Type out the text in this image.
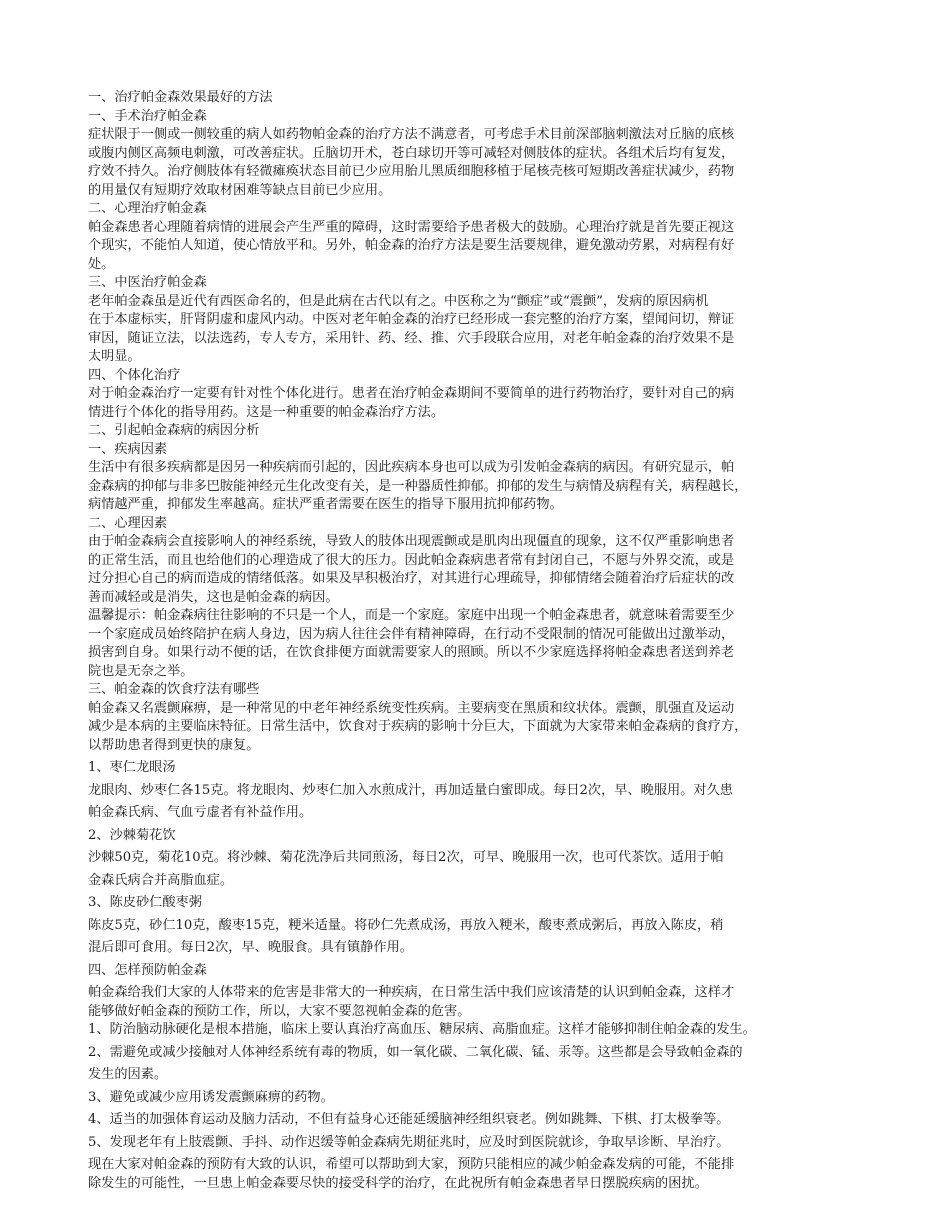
一、治疗帕金森效果最好的方法
一、手术治疗帕金森
症状限于一侧或一侧较重的病人如药物帕金森的治疗方法不满意者，可考虑手术目前深部脑刺激法对丘脑的底核
或腹内侧区高频电刺激，可改善症状。丘脑切开术，苍白球切开等可减轻对侧肢体的症状。各组术后均有复发，
疗效不持久。治疗侧肢体有轻微瘫痪状态目前已少应用胎儿黑质细胞移植于尾核壳核可短期改善症状减少，药物
的用量仅有短期疗效取材困难等缺点目前已少应用。
二、心理治疗帕金森
帕金森患者心理随着病情的进展会产生严重的障碍，这时需要给予患者极大的鼓励。心理治疗就是首先要正视这
个现实，不能怕人知道，使心情放平和。另外，帕金森的治疗方法是要生活要规律，避免激动劳累，对病程有好
处。
三、中医治疗帕金森
老年帕金森虽是近代有西医命名的，但是此病在古代以有之。中医称之为“颤症”或“震颤”，发病的原因病机
在于本虚标实，肝肾阴虚和虚风内动。中医对老年帕金森的治疗已经形成一套完整的治疗方案，望闻问切，辩证
审因，随证立法，以法选药，专人专方，采用针、药、经、推、穴手段联合应用，对老年帕金森的治疗效果不是
太明显。
四、个体化治疗
对于帕金森治疗一定要有针对性个体化进行。患者在治疗帕金森期间不要简单的进行药物治疗，要针对自己的病
情进行个体化的指导用药。这是一种重要的帕金森治疗方法。
二、引起帕金森病的病因分析
一、疾病因素
生活中有很多疾病都是因另一种疾病而引起的，因此疾病本身也可以成为引发帕金森病的病因。有研究显示，帕
金森病的抑郁与非多巴胺能神经元生化改变有关，是一种器质性抑郁。抑郁的发生与病情及病程有关，病程越长，
病情越严重，抑郁发生率越高。症状严重者需要在医生的指导下服用抗抑郁药物。
二、心理因素
由于帕金森病会直接影响人的神经系统，导致人的肢体出现震颤或是肌肉出现僵直的现象，这不仅严重影响患者
的正常生活，而且也给他们的心理造成了很大的压力。因此帕金森病患者常有封闭自己，不愿与外界交流，或是
过分担心自己的病而造成的情绪低落。如果及早积极治疗，对其进行心理疏导，抑郁情绪会随着治疗后症状的改
善而减轻或是消失，这也是帕金森的病因。
温馨提示：帕金森病往往影响的不只是一个人，而是一个家庭。家庭中出现一个帕金森患者，就意味着需要至少
一个家庭成员始终陪护在病人身边，因为病人往往会伴有精神障碍，在行动不受限制的情况可能做出过激举动，
损害到自身。如果行动不便的话，在饮食排便方面就需要家人的照顾。所以不少家庭选择将帕金森患者送到养老
院也是无奈之举。
三、帕金森的饮食疗法有哪些
帕金森又名震颤麻痹，是一种常见的中老年神经系统变性疾病。主要病变在黑质和纹状体。震颤，肌强直及运动
减少是本病的主要临床特征。日常生活中，饮食对于疾病的影响十分巨大，下面就为大家带来帕金森病的食疗方，
以帮助患者得到更快的康复。
1、枣仁龙眼汤
龙眼肉、炒枣仁各15克。将龙眼肉、炒枣仁加入水煎成汁，再加适量白蜜即成。每日2次，早、晚服用。对久患
帕金森氏病、气血亏虚者有补益作用。
2、沙棘菊花饮
沙棘50克，菊花10克。将沙棘、菊花洗净后共同煎汤，每日2次，可早、晚服用一次，也可代茶饮。适用于帕
金森氏病合并高脂血症。
3、陈皮砂仁酸枣粥
陈皮5克，砂仁10克，酸枣15克，粳米适量。将砂仁先煮成汤，再放入粳米，酸枣煮成粥后，再放入陈皮，稍
混后即可食用。每日2次，早、晚服食。具有镇静作用。
四、怎样预防帕金森
帕金森给我们大家的人体带来的危害是非常大的一种疾病，在日常生活中我们应该清楚的认识到帕金森，这样才
能够做好帕金森的预防工作，所以，大家不要忽视帕金森的危害。
1、防治脑动脉硬化是根本措施，临床上要认真治疗高血压、糖尿病、高脂血症。这样才能够抑制住帕金森的发生。
2、需避免或减少接触对人体神经系统有毒的物质，如一氧化碳、二氧化碳、锰、汞等。这些都是会导致帕金森的
发生的因素。
3、避免或减少应用诱发震颤麻痹的药物。
4、适当的加强体育运动及脑力活动，不但有益身心还能延缓脑神经组织衰老。例如跳舞、下棋、打太极拳等。
5、发现老年有上肢震颤、手抖、动作迟缓等帕金森病先期征兆时，应及时到医院就诊，争取早诊断、早治疗。
现在大家对帕金森的预防有大致的认识，希望可以帮助到大家，预防只能相应的减少帕金森发病的可能，不能排
除发生的可能性，一旦患上帕金森要尽快的接受科学的治疗，在此祝所有帕金森患者早日摆脱疾病的困扰。
